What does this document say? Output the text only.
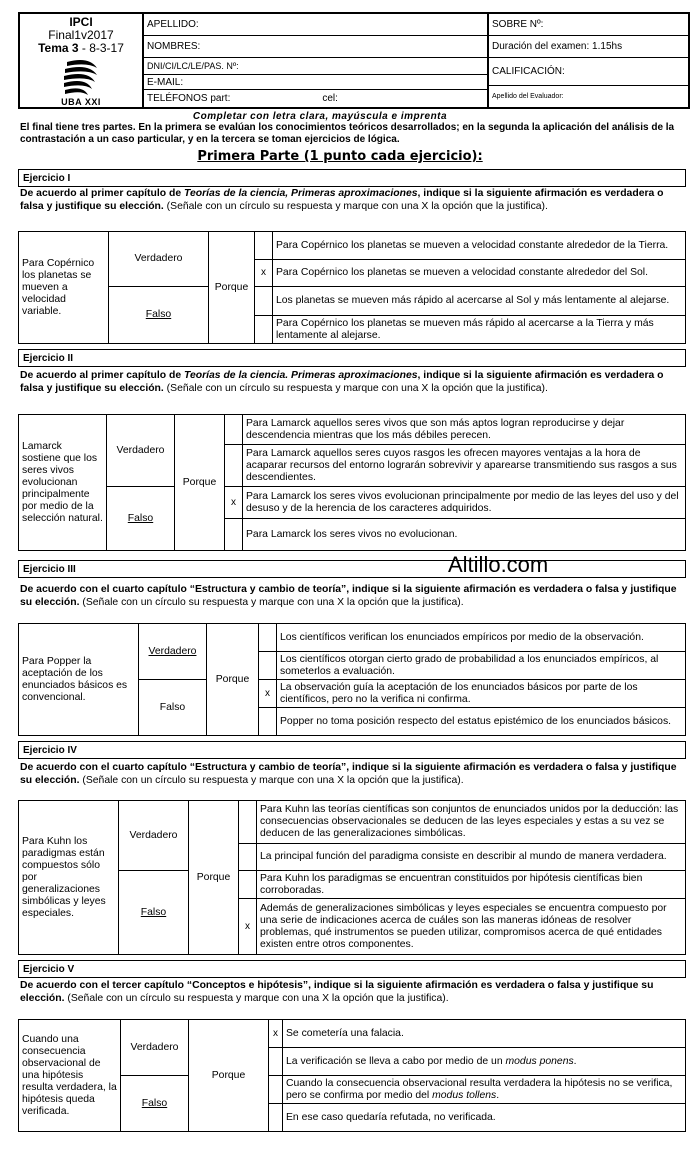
IPCI
Final1v2017
Tema 3 - 8-3-17
UBA XXI
APELLIDO:
NOMBRES:
DNI/CI/LC/LE/PAS. Nº:
E-MAIL:
TELÉFONOS part:	cel:
SOBRE Nº:
Duración del examen: 1.15hs
CALIFICACIÓN:
Apellido del Evaluador:
Completar con letra clara, mayúscula e imprenta
El final tiene tres partes. En la primera se evalúan los conocimientos teóricos desarrollados; en la segunda la aplicación del análisis de la contrastación a un caso particular, y en la tercera se toman ejercicios de lógica.
Primera Parte (1 punto cada ejercicio):
Ejercicio I
De acuerdo al primer capítulo de Teorías de la ciencia, Primeras aproximaciones, indique si la siguiente afirmación es verdadera o falsa y justifique su elección. (Señale con un círculo su respuesta y marque con una X la opción que la justifica).
Para Copérnico los planetas se mueven a velocidad variable.	Verdadero	Porque		Para Copérnico los planetas se mueven a velocidad constante alrededor de la Tierra.
			x	Para Copérnico los planetas se mueven a velocidad constante alrededor del Sol.
	Falso			Los planetas se mueven más rápido al acercarse al Sol y más lentamente al alejarse.
				Para Copérnico los planetas se mueven más rápido al acercarse a la Tierra y más lentamente al alejarse.
Ejercicio II
De acuerdo al primer capítulo de Teorías de la ciencia. Primeras aproximaciones, indique si la siguiente afirmación es verdadera o falsa y justifique su elección. (Señale con un círculo su respuesta y marque con una X la opción que la justifica).
Lamarck sostiene que los seres vivos evolucionan principalmente por medio de la selección natural.	Verdadero	Porque		Para Lamarck aquellos seres vivos que son más aptos logran reproducirse y dejar descendencia mientras que los más débiles perecen.
				Para Lamarck aquellos seres cuyos rasgos les ofrecen mayores ventajas a la hora de acaparar recursos del entorno lograrán sobrevivir y aparearse transmitiendo sus rasgos a sus descendientes.
	Falso		x	Para Lamarck los seres vivos evolucionan principalmente por medio de las leyes del uso y del desuso y de la herencia de los caracteres adquiridos.
				Para Lamarck los seres vivos no evolucionan.
Altillo.com
Ejercicio III
De acuerdo con el cuarto capítulo “Estructura y cambio de teoría”, indique si la siguiente afirmación es verdadera o falsa y justifique su elección. (Señale con un círculo su respuesta y marque con una X la opción que la justifica).
Para Popper la aceptación de los enunciados básicos es convencional.	Verdadero	Porque		Los científicos verifican los enunciados empíricos por medio de la observación.
				Los científicos otorgan cierto grado de probabilidad a los enunciados empíricos, al someterlos a evaluación.
	Falso		x	La observación guía la aceptación de los enunciados básicos por parte de los científicos, pero no la verifica ni confirma.
				Popper no toma posición respecto del estatus epistémico de los enunciados básicos.
Ejercicio IV
De acuerdo con el cuarto capítulo “Estructura y cambio de teoría”, indique si la siguiente afirmación es verdadera o falsa y justifique su elección. (Señale con un círculo su respuesta y marque con una X la opción que la justifica).
Para Kuhn los paradigmas están compuestos sólo por generalizaciones simbólicas y leyes especiales.	Verdadero	Porque		Para Kuhn las teorías científicas son conjuntos de enunciados unidos por la deducción: las consecuencias observacionales se deducen de las leyes especiales y estas a su vez se deducen de las generalizaciones simbólicas.
				La principal función del paradigma consiste en describir al mundo de manera verdadera.
	Falso			Para Kuhn los paradigmas se encuentran constituidos por hipótesis científicas bien corroboradas.
			x	Además de generalizaciones simbólicas y leyes especiales se encuentra compuesto por una serie de indicaciones acerca de cuáles son las maneras idóneas de resolver problemas, qué instrumentos se pueden utilizar, compromisos acerca de qué entidades existen entre otros componentes.
Ejercicio V
De acuerdo con el tercer capítulo “Conceptos e hipótesis”, indique si la siguiente afirmación es verdadera o falsa y justifique su elección. (Señale con un círculo su respuesta y marque con una X la opción que la justifica).
Cuando una consecuencia observacional de una hipótesis resulta verdadera, la hipótesis queda verificada.	Verdadero	Porque	x	Se cometería una falacia.
				La verificación se lleva a cabo por medio de un modus ponens.
	Falso			Cuando la consecuencia observacional resulta verdadera la hipótesis no se verifica, pero se confirma por medio del modus tollens.
				En ese caso quedaría refutada, no verificada.
